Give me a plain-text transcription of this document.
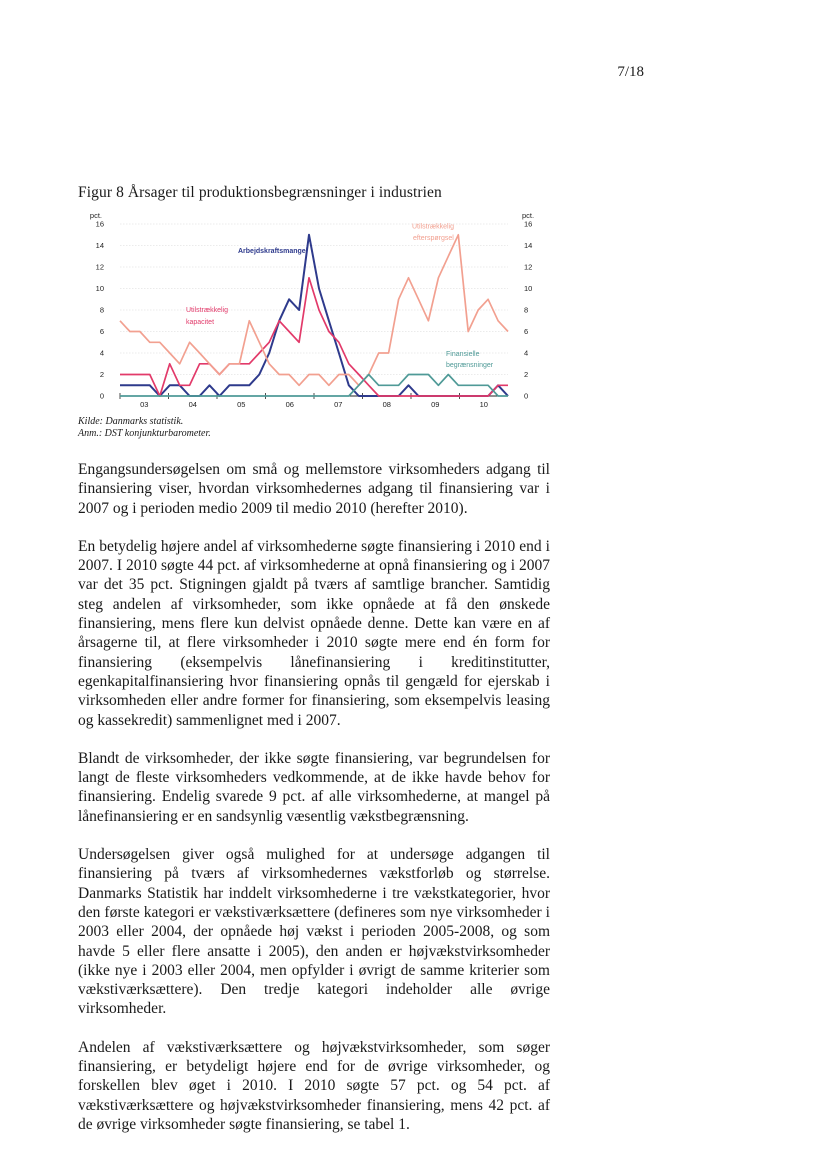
7/18
Figur 8 Årsager til produktionsbegrænsninger i industrien
0	0
2	2
4	4
6	6
8	8
10	10
12	12
14	14
16	16
pct.	pct.
03	04	05	06	07	08	09	10
Arbejdskraftsmangel
Utilstrækkelig
kapacitet
Utilstrækkelig
efterspørgsel
Finansielle
begrænsninger
Kilde: Danmarks statistik.
Anm.: DST konjunkturbarometer.

Engangsundersøgelsen om små og mellemstore virksomheders adgang til finansiering viser, hvordan virksomhedernes adgang til finansiering var i 2007 og i perioden medio 2009 til medio 2010 (herefter 2010).

En betydelig højere andel af virksomhederne søgte finansiering i 2010 end i 2007. I 2010 søgte 44 pct. af virksomhederne at opnå finansiering og i 2007 var det 35 pct. Stigningen gjaldt på tværs af samtlige brancher. Samtidig steg andelen af virksomheder, som ikke opnåede at få den ønskede finansiering, mens flere kun delvist opnåede denne. Dette kan være en af årsagerne til, at flere virksomheder i 2010 søgte mere end én form for finansiering (eksempelvis lånefinansiering i kreditinstitutter, egenkapitalfinansiering hvor finansiering opnås til gengæld for ejerskab i virksomheden eller andre former for finansiering, som eksempelvis leasing og kassekredit) sammenlignet med i 2007.

Blandt de virksomheder, der ikke søgte finansiering, var begrundelsen for langt de fleste virksomheders vedkommende, at de ikke havde behov for finansiering. Endelig svarede 9 pct. af alle virksomhederne, at mangel på lånefinansiering er en sandsynlig væsentlig vækstbegrænsning.

Undersøgelsen giver også mulighed for at undersøge adgangen til finansiering på tværs af virksomhedernes vækstforløb og størrelse. Danmarks Statistik har inddelt virksomhederne i tre vækstkategorier, hvor den første kategori er vækstiværksættere (defineres som nye virksomheder i 2003 eller 2004, der opnåede høj vækst i perioden 2005-2008, og som havde 5 eller flere ansatte i 2005), den anden er højvækstvirksomheder (ikke nye i 2003 eller 2004, men opfylder i øvrigt de samme kriterier som vækstiværksættere). Den tredje kategori indeholder alle øvrige virksomheder.

Andelen af vækstiværksættere og højvækstvirksomheder, som søger finansiering, er betydeligt højere end for de øvrige virksomheder, og forskellen blev øget i 2010. I 2010 søgte 57 pct. og 54 pct. af vækstiværksættere og højvækstvirksomheder finansiering, mens 42 pct. af de øvrige virksomheder søgte finansiering, se tabel 1.
